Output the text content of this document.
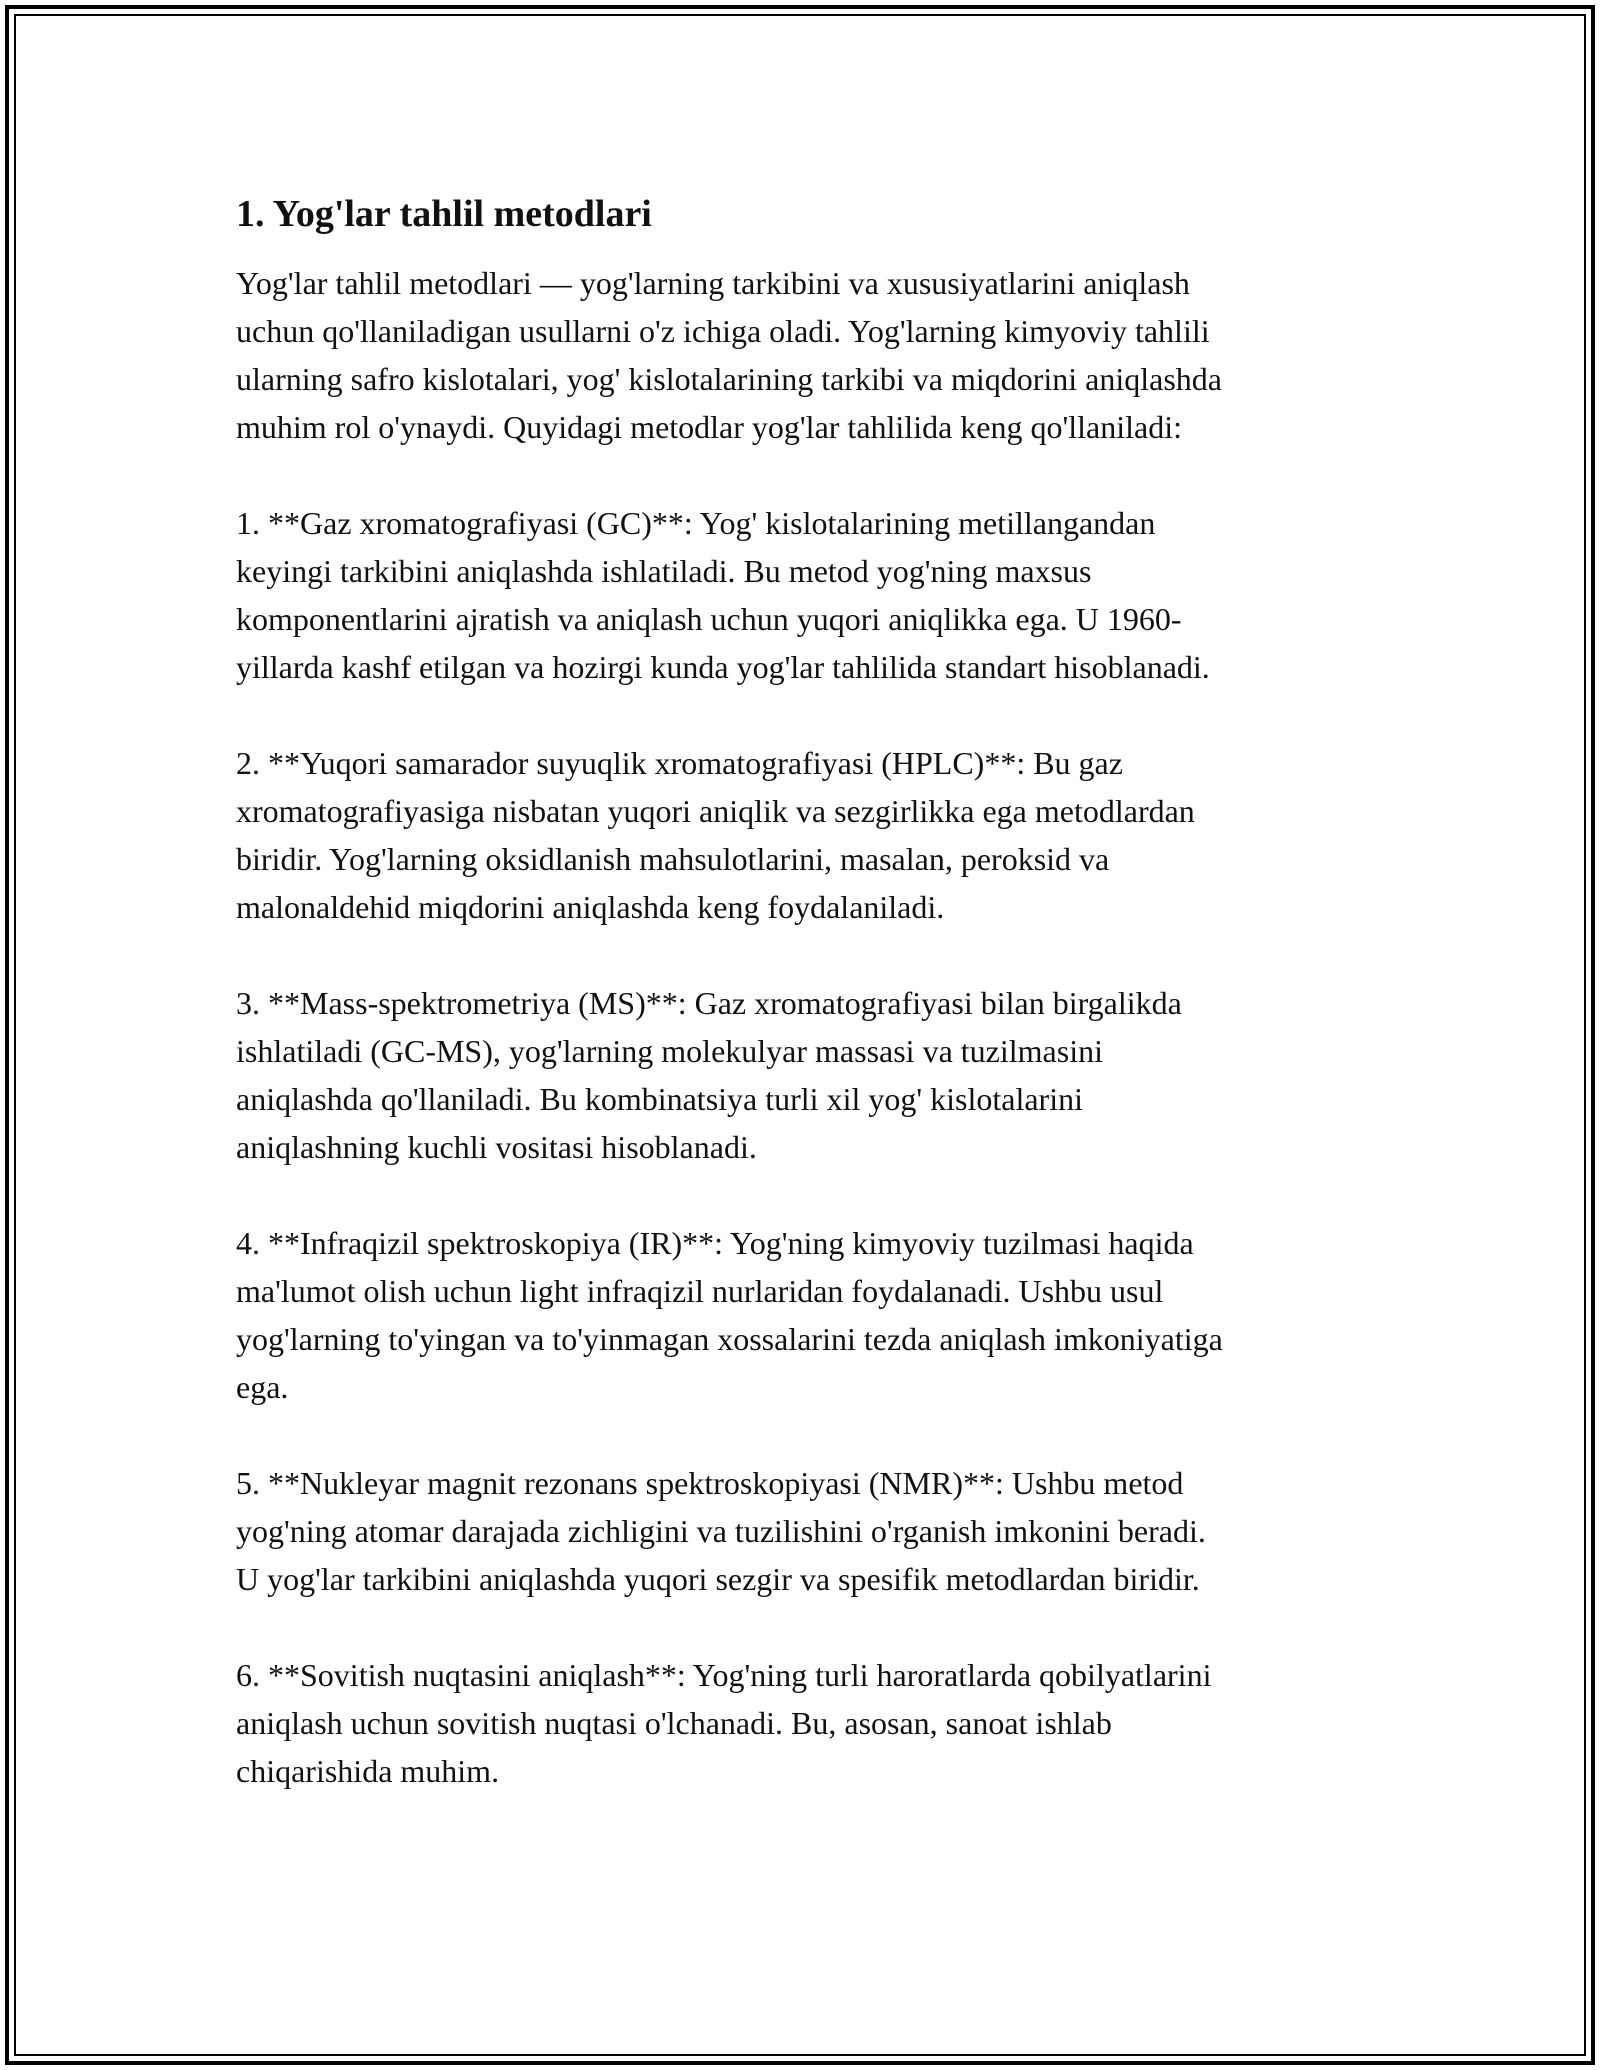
1. Yog'lar tahlil metodlari

Yog'lar tahlil metodlari — yog'larning tarkibini va xususiyatlarini aniqlash
uchun qo'llaniladigan usullarni o'z ichiga oladi. Yog'larning kimyoviy tahlili
ularning safro kislotalari, yog' kislotalarining tarkibi va miqdorini aniqlashda
muhim rol o'ynaydi. Quyidagi metodlar yog'lar tahlilida keng qo'llaniladi:

1. **Gaz xromatografiyasi (GC)**: Yog' kislotalarining metillangandan
keyingi tarkibini aniqlashda ishlatiladi. Bu metod yog'ning maxsus
komponentlarini ajratish va aniqlash uchun yuqori aniqlikka ega. U 1960-
yillarda kashf etilgan va hozirgi kunda yog'lar tahlilida standart hisoblanadi.

2. **Yuqori samarador suyuqlik xromatografiyasi (HPLC)**: Bu gaz
xromatografiyasiga nisbatan yuqori aniqlik va sezgirlikka ega metodlardan
biridir. Yog'larning oksidlanish mahsulotlarini, masalan, peroksid va
malonaldehid miqdorini aniqlashda keng foydalaniladi.

3. **Mass-spektrometriya (MS)**: Gaz xromatografiyasi bilan birgalikda
ishlatiladi (GC-MS), yog'larning molekulyar massasi va tuzilmasini
aniqlashda qo'llaniladi. Bu kombinatsiya turli xil yog' kislotalarini
aniqlashning kuchli vositasi hisoblanadi.

4. **Infraqizil spektroskopiya (IR)**: Yog'ning kimyoviy tuzilmasi haqida
ma'lumot olish uchun light infraqizil nurlaridan foydalanadi. Ushbu usul
yog'larning to'yingan va to'yinmagan xossalarini tezda aniqlash imkoniyatiga
ega.

5. **Nukleyar magnit rezonans spektroskopiyasi (NMR)**: Ushbu metod
yog'ning atomar darajada zichligini va tuzilishini o'rganish imkonini beradi.
U yog'lar tarkibini aniqlashda yuqori sezgir va spesifik metodlardan biridir.

6. **Sovitish nuqtasini aniqlash**: Yog'ning turli haroratlarda qobilyatlarini
aniqlash uchun sovitish nuqtasi o'lchanadi. Bu, asosan, sanoat ishlab
chiqarishida muhim.
